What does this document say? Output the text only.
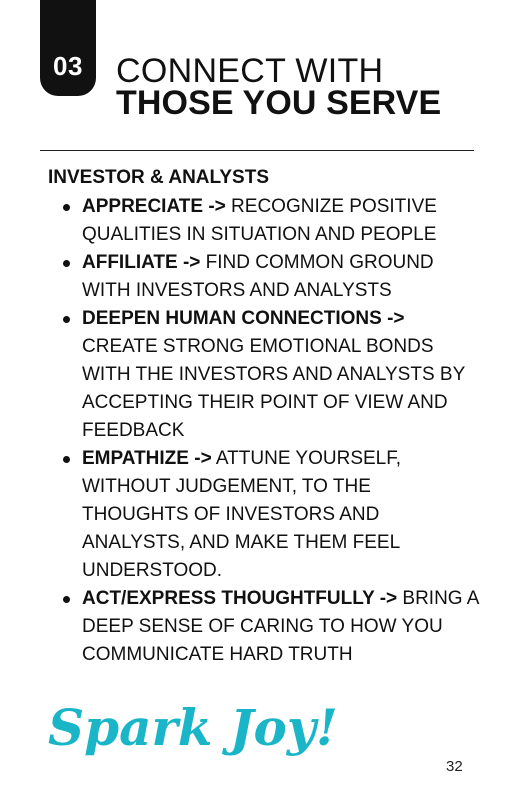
03 CONNECT WITH
THOSE YOU SERVE
INVESTOR & ANALYSTS
APPRECIATE -> RECOGNIZE POSITIVE QUALITIES IN SITUATION AND PEOPLE
AFFILIATE -> FIND COMMON GROUND WITH INVESTORS AND ANALYSTS
DEEPEN HUMAN CONNECTIONS -> CREATE STRONG EMOTIONAL BONDS WITH THE INVESTORS AND ANALYSTS BY ACCEPTING THEIR POINT OF VIEW AND FEEDBACK
EMPATHIZE -> ATTUNE YOURSELF, WITHOUT JUDGEMENT, TO THE THOUGHTS OF INVESTORS AND ANALYSTS, AND MAKE THEM FEEL UNDERSTOOD.
ACT/EXPRESS THOUGHTFULLY -> BRING A DEEP SENSE OF CARING TO HOW YOU COMMUNICATE HARD TRUTH
Spark Joy!
32
